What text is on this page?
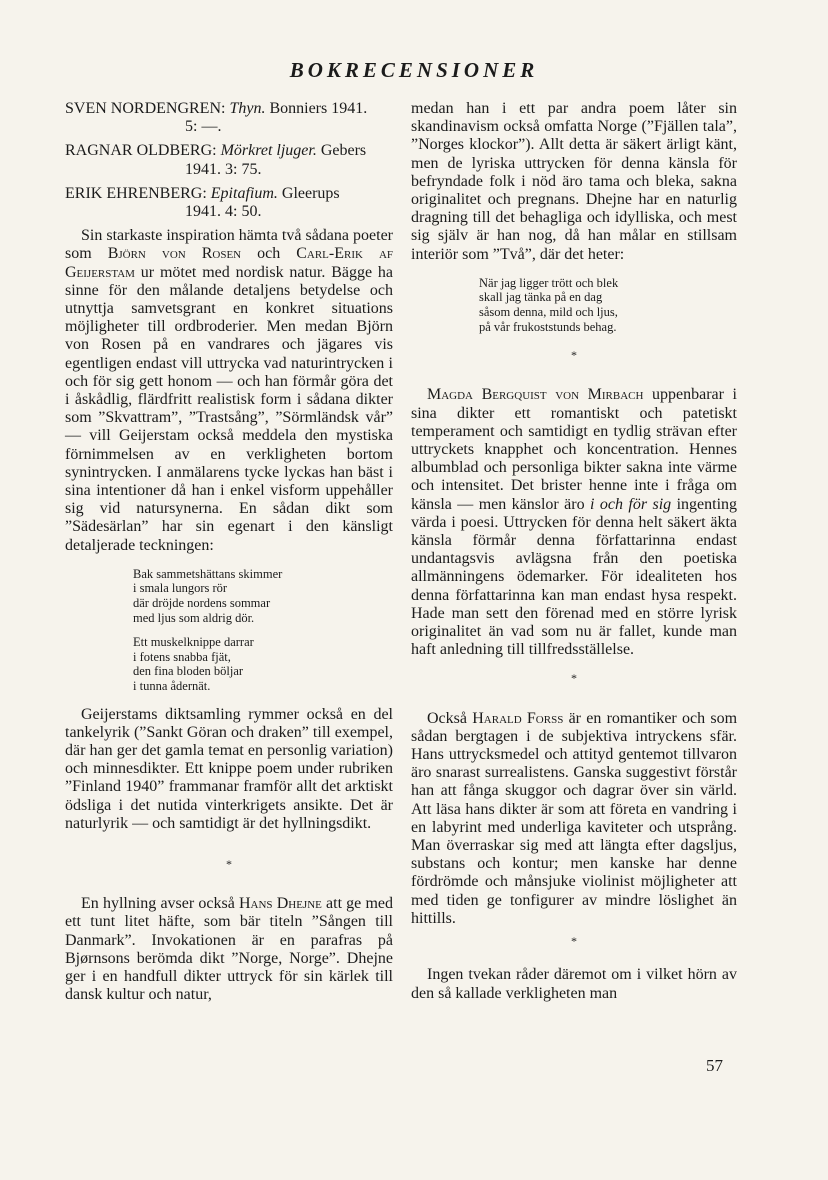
BOKRECENSIONER

SVEN NORDENGREN: Thyn. Bonniers 1941.
5: —.

RAGNAR OLDBERG: Mörkret ljuger. Gebers
1941. 3: 75.

ERIK EHRENBERG: Epitafium. Gleerups
1941. 4: 50.

Sin starkaste inspiration hämta två sådana poeter som Björn von Rosen och Carl-Erik af Geijerstam ur mötet med nordisk natur. Bägge ha sinne för den målande detaljens betydelse och utnyttja samvetsgrant en konkret situations möjligheter till ordbroderier. Men medan Björn von Rosen på en vandrares och jägares vis egentligen endast vill uttrycka vad naturintrycken i och för sig gett honom — och han förmår göra det i åskådlig, flärdfritt realistisk form i sådana dikter som ”Skvattram”, ”Trastsång”, ”Sörmländsk vår” — vill Geijerstam också meddela den mystiska förnimmelsen av en verkligheten bortom synintrycken. I anmälarens tycke lyckas han bäst i sina intentioner då han i enkel visform uppehåller sig vid natursynerna. En sådan dikt som ”Sädesärlan” har sin egenart i den känsligt detaljerade teckningen:

Bak sammetshättans skimmer
i smala lungors rör
där dröjde nordens sommar
med ljus som aldrig dör.
Ett muskelknippe darrar
i fotens snabba fjät,
den fina bloden böljar
i tunna ådernät.

Geijerstams diktsamling rymmer också en del tankelyrik (”Sankt Göran och draken” till exempel, där han ger det gamla temat en personlig variation) och minnesdikter. Ett knippe poem under rubriken ”Finland 1940” frammanar framför allt det arktiskt ödsliga i det nutida vinterkrigets ansikte. Det är naturlyrik — och samtidigt är det hyllningsdikt.

*

En hyllning avser också Hans Dhejne att ge med ett tunt litet häfte, som bär titeln ”Sången till Danmark”. Invokationen är en parafras på Bjørnsons berömda dikt ”Norge, Norge”. Dhejne ger i en handfull dikter uttryck för sin kärlek till dansk kultur och natur,

medan han i ett par andra poem låter sin skandinavism också omfatta Norge (”Fjällen tala”, ”Norges klockor”). Allt detta är säkert ärligt känt, men de lyriska uttrycken för denna känsla för befryndade folk i nöd äro tama och bleka, sakna originalitet och pregnans. Dhejne har en naturlig dragning till det behagliga och idylliska, och mest sig själv är han nog, då han målar en stillsam interiör som ”Två”, där det heter:

När jag ligger trött och blek
skall jag tänka på en dag
såsom denna, mild och ljus,
på vår frukoststunds behag.
*

Magda Bergquist von Mirbach uppenbarar i sina dikter ett romantiskt och patetiskt temperament och samtidigt en tydlig strävan efter uttryckets knapphet och koncentration. Hennes albumblad och personliga bikter sakna inte värme och intensitet. Det brister henne inte i fråga om känsla — men känslor äro i och för sig ingenting värda i poesi. Uttrycken för denna helt säkert äkta känsla förmår denna författarinna endast undantagsvis avlägsna från den poetiska allmänningens ödemarker. För idealiteten hos denna författarinna kan man endast hysa respekt. Hade man sett den förenad med en större lyrisk originalitet än vad som nu är fallet, kunde man haft anledning till tillfredsställelse.

*

Också Harald Forss är en romantiker och som sådan bergtagen i de subjektiva intryckens sfär. Hans uttrycksmedel och attityd gentemot tillvaron äro snarast surrealistens. Ganska suggestivt förstår han att fånga skuggor och dagrar över sin värld. Att läsa hans dikter är som att företa en vandring i en labyrint med underliga kaviteter och utsprång. Man överraskar sig med att längta efter dagsljus, substans och kontur; men kanske har denne fördrömde och månsjuke violinist möjligheter att med tiden ge tonfigurer av mindre löslighet än hittills.

*

Ingen tvekan råder däremot om i vilket hörn av den så kallade verkligheten man

57
